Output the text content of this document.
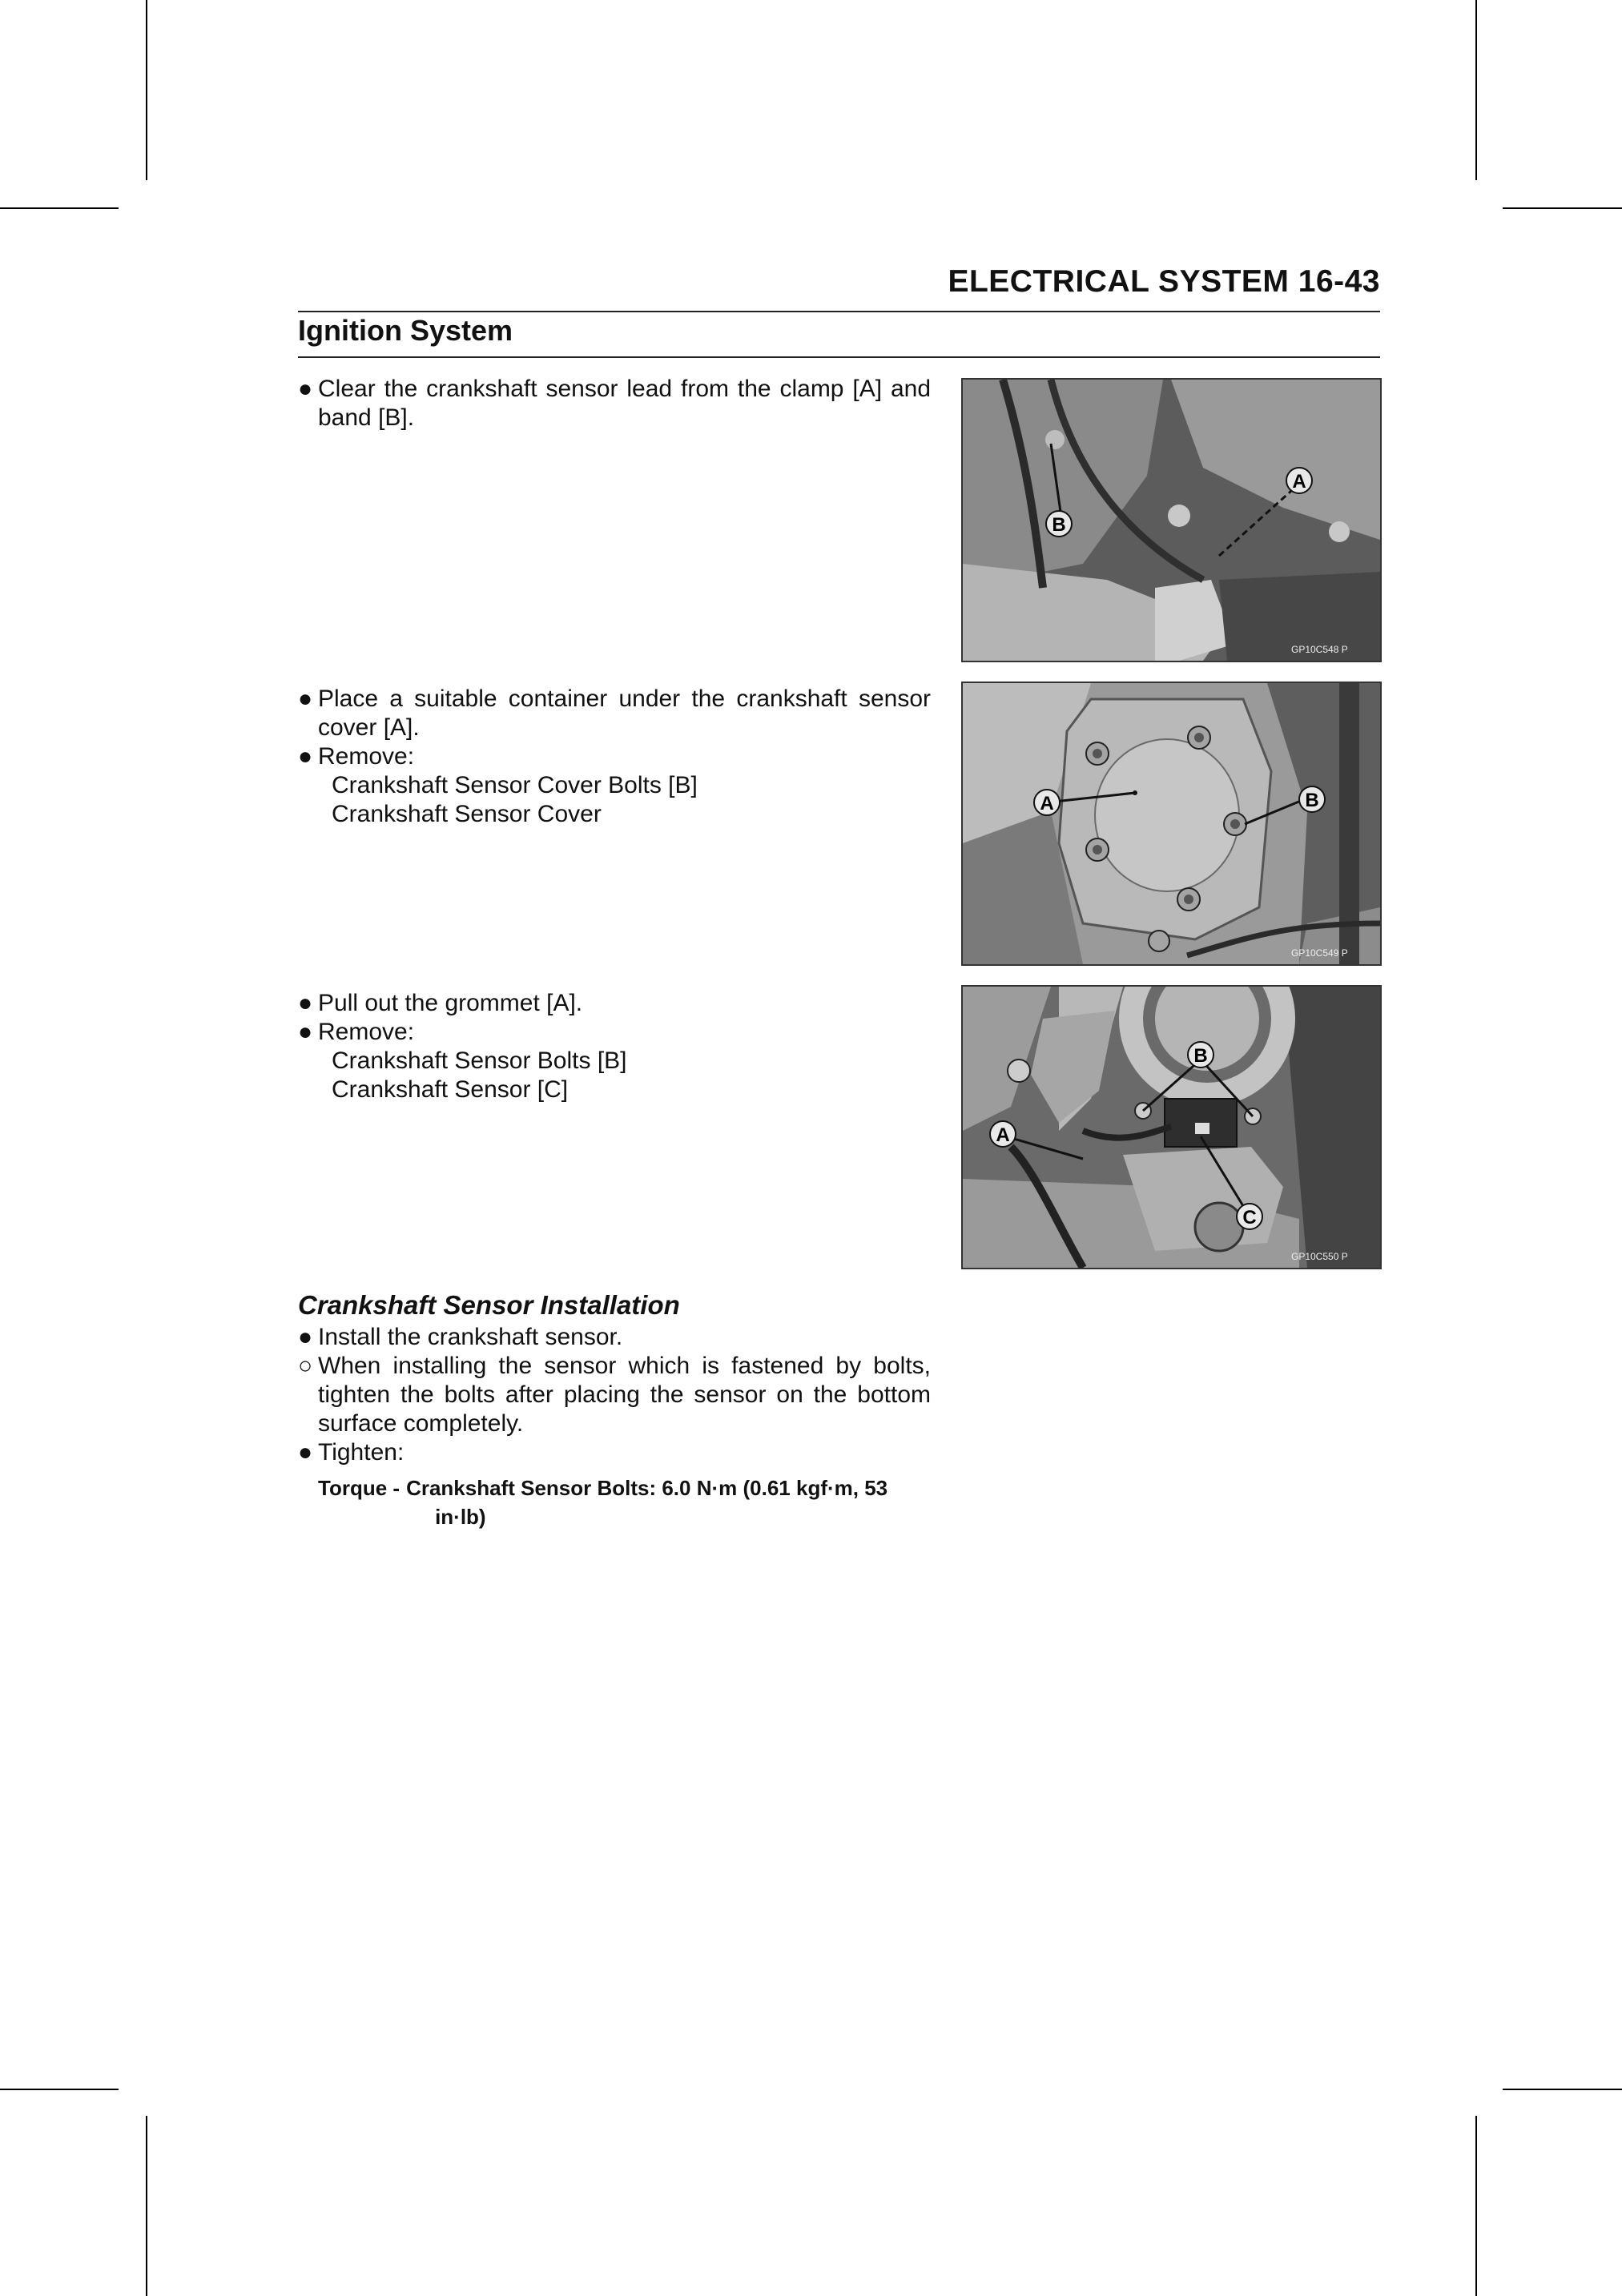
ELECTRICAL SYSTEM 16-43
Ignition System
● Clear the crankshaft sensor lead from the clamp [A] and band [B].
● Place a suitable container under the crankshaft sensor cover [A].
● Remove:
Crankshaft Sensor Cover Bolts [B]
Crankshaft Sensor Cover
● Pull out the grommet [A].
● Remove:
Crankshaft Sensor Bolts [B]
Crankshaft Sensor [C]
Crankshaft Sensor Installation
● Install the crankshaft sensor.
○ When installing the sensor which is fastened by bolts, tighten the bolts after placing the sensor on the bottom surface completely.
● Tighten:
Torque - Crankshaft Sensor Bolts: 6.0 N·m (0.61 kgf·m, 53
in·lb)
A
B
GP10C548 P
A	B
GP10C549 P
A
B
C
GP10C550 P
